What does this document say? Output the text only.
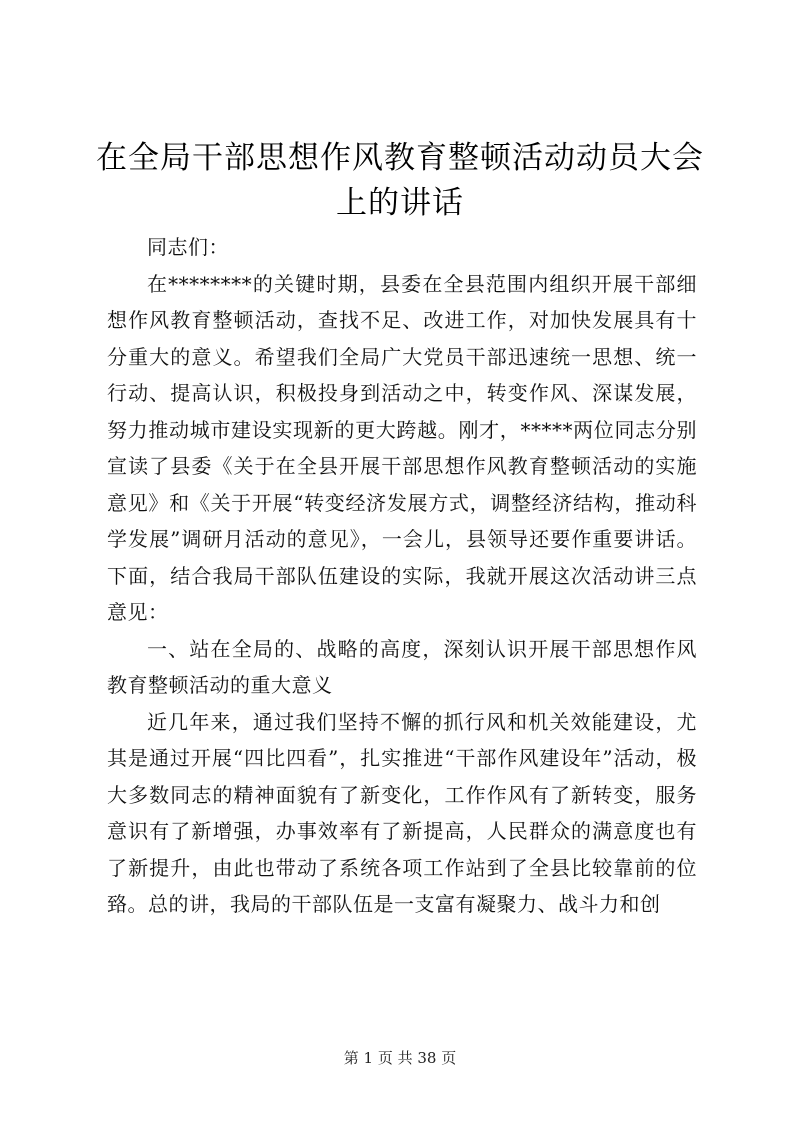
在全局干部思想作风教育整顿活动动员大会上的讲话

同志们：

在********的关键时期，县委在全县范围内组织开展干部细想作风教育整顿活动，查找不足、改进工作，对加快发展具有十分重大的意义。希望我们全局广大党员干部迅速统一思想、统一行动、提高认识，积极投身到活动之中，转变作风、深谋发展，努力推动城市建设实现新的更大跨越。刚才，*****两位同志分别宣读了县委《关于在全县开展干部思想作风教育整顿活动的实施意见》和《关于开展“转变经济发展方式，调整经济结构，推动科学发展”调研月活动的意见》，一会儿，县领导还要作重要讲话。下面，结合我局干部队伍建设的实际，我就开展这次活动讲三点意见：

一、站在全局的、战略的高度，深刻认识开展干部思想作风教育整顿活动的重大意义

近几年来，通过我们坚持不懈的抓行风和机关效能建设，尤其是通过开展“四比四看”，扎实推进“干部作风建设年”活动，极大多数同志的精神面貌有了新变化，工作作风有了新转变，服务意识有了新增强，办事效率有了新提高，人民群众的满意度也有了新提升，由此也带动了系统各项工作站到了全县比较靠前的位臵。总的讲，我局的干部队伍是一支富有凝聚力、战斗力和创

第 1 页 共 38 页
